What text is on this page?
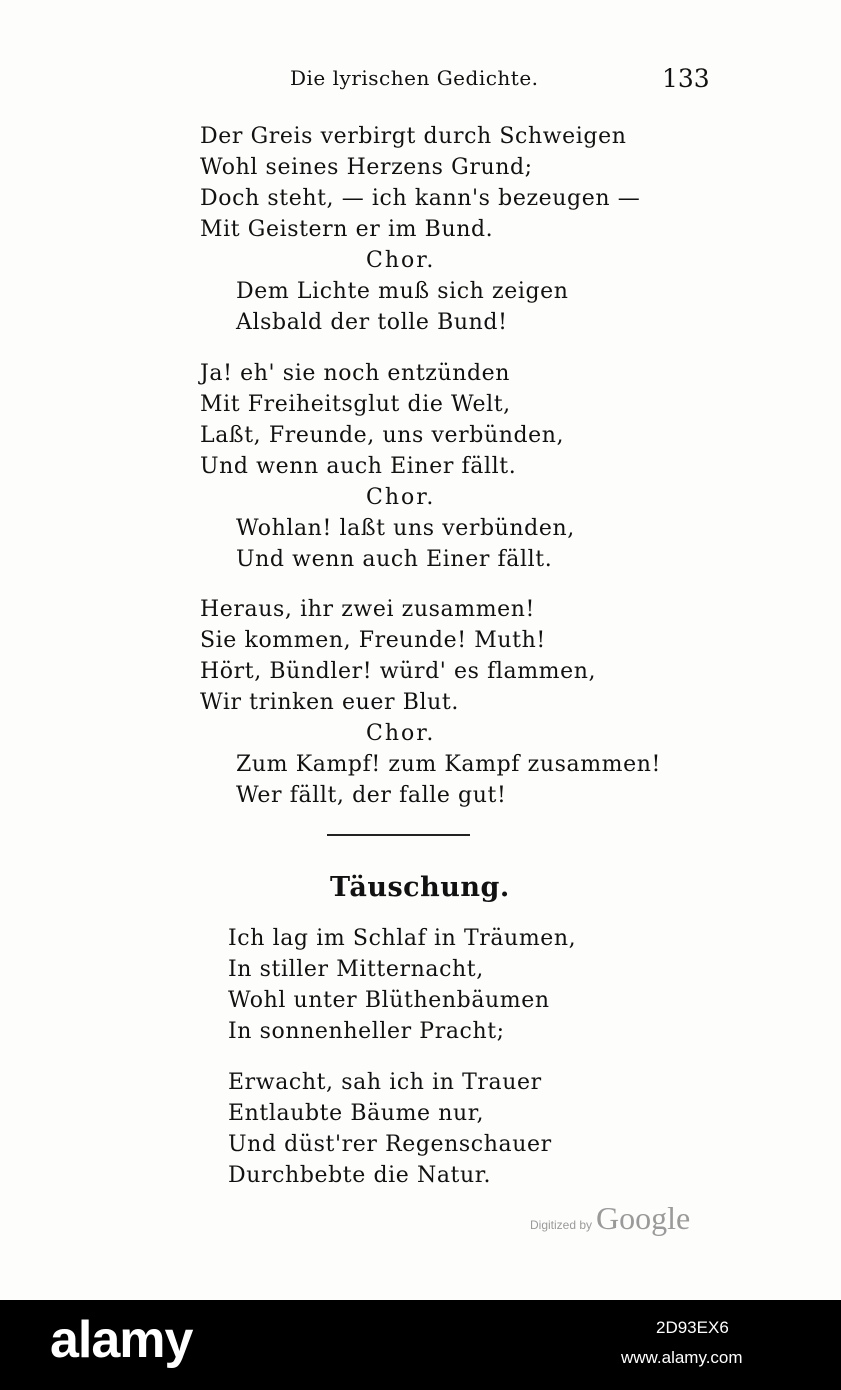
Die lyrischen Gedichte.	133
Der Greis verbirgt durch Schweigen
Wohl seines Herzens Grund;
Doch steht, — ich kann's bezeugen —
Mit Geistern er im Bund.
Chor.
Dem Lichte muß sich zeigen
Alsbald der tolle Bund!
Ja! eh' sie noch entzünden
Mit Freiheitsglut die Welt,
Laßt, Freunde, uns verbünden,
Und wenn auch Einer fällt.
Chor.
Wohlan! laßt uns verbünden,
Und wenn auch Einer fällt.
Heraus, ihr zwei zusammen!
Sie kommen, Freunde! Muth!
Hört, Bündler! würd' es flammen,
Wir trinken euer Blut.
Chor.
Zum Kampf! zum Kampf zusammen!
Wer fällt, der falle gut!
Täuschung.
Ich lag im Schlaf in Träumen,
In stiller Mitternacht,
Wohl unter Blüthenbäumen
In sonnenheller Pracht;
Erwacht, sah ich in Trauer
Entlaubte Bäume nur,
Und düst'rer Regenschauer
Durchbebte die Natur.
Digitized by Google
alamy	2D93EX6
www.alamy.com
